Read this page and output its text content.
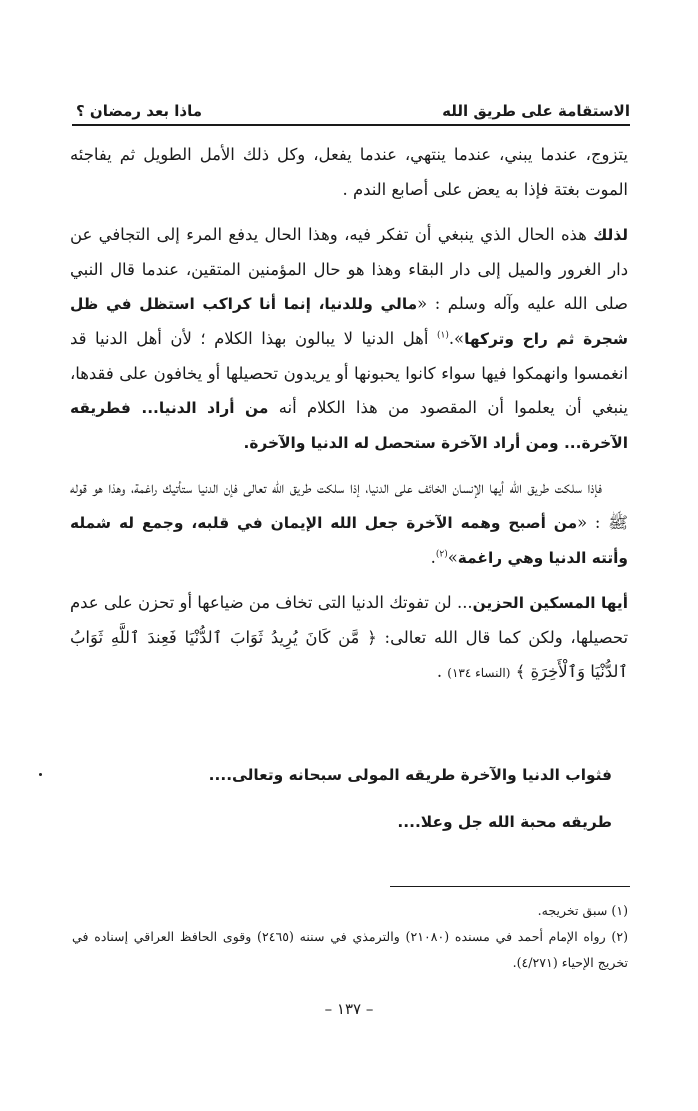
الاستقامة على طريق الله
ماذا بعد رمضان ؟

يتزوج، عندما يبني، عندما ينتهي، عندما يفعل، وكل ذلك الأمل الطويل ثم يفاجئه الموت بغتة فإذا به يعض على أصابع الندم .

لذلك هذه الحال الذي ينبغي أن تفكر فيه، وهذا الحال يدفع المرء إلى التجافي عن دار الغرور والميل إلى دار البقاء وهذا هو حال المؤمنين المتقين، عندما قال النبي صلى الله عليه وآله وسلم : «مالي وللدنيا، إنما أنا كراكب استظل في ظل شجرة ثم راح وتركها».$^{(١)}$ أهل الدنيا لا يبالون بهذا الكلام ؛ لأن أهل الدنيا قد انغمسوا وانهمكوا فيها سواء كانوا يحبونها أو يريدون تحصيلها أو يخافون على فقدها، ينبغي أن يعلموا أن المقصود من هذا الكلام أنه من أراد الدنيا... فطريقه الآخرة... ومن أراد الآخرة ستحصل له الدنيا والآخرة.

فإذا سلكت طريق الله أيها الإنسان الخائف على الدنيا، إذا سلكت طريق الله تعالى فإن الدنيا ستأتيك راغمة، وهذا هو قوله ﷺ : «من أصبح وهمه الآخرة جعل الله الإيمان في قلبه، وجمع له شمله وأتته الدنيا وهي راغمة»$^{(٢)}$.

أيها المسكين الحزين... لن تفوتك الدنيا التى تخاف من ضياعها أو تحزن على عدم تحصيلها، ولكن كما قال الله تعالى: ﴿ مَّن كَانَ يُرِيدُ ثَوَابَ ٱلدُّنْيَا فَعِندَ ٱللَّهِ ثَوَابُ ٱلدُّنْيَا وَٱلْأَخِرَةِ ﴾ (النساء ١٣٤) .

فثواب الدنيا والآخرة طريقه المولى سبحانه وتعالى....
طريقه محبة الله جل وعلا....

(١) سبق تخريجه.

(٢) رواه الإمام أحمد في مسنده (٢١٠٨٠) والترمذي في سننه (٢٤٦٥) وقوى الحافظ العراقي إسناده في تخريج الإحياء (٤/٢٧١).

– ١٣٧ –
